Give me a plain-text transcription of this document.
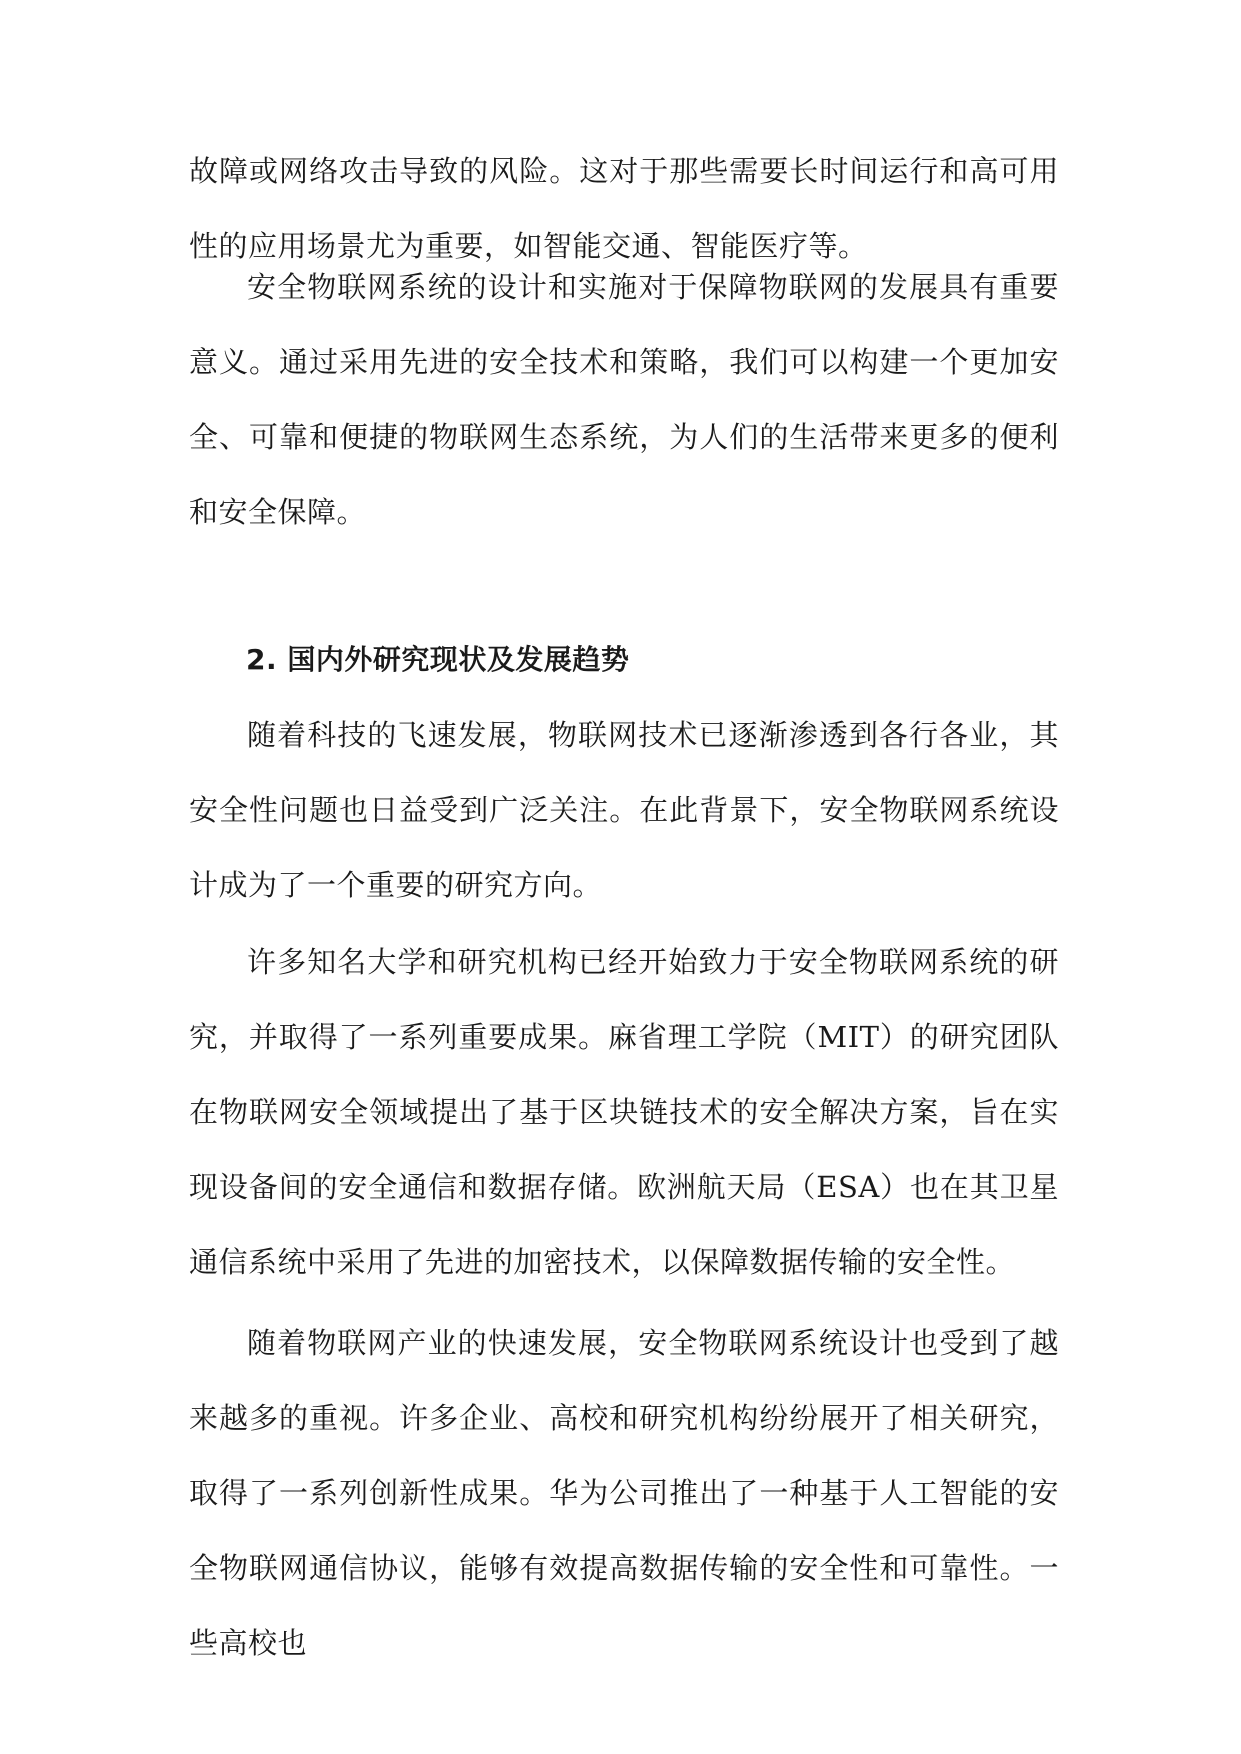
故障或网络攻击导致的风险。这对于那些需要长时间运行和高可用性的应用场景尤为重要，如智能交通、智能医疗等。

安全物联网系统的设计和实施对于保障物联网的发展具有重要意义。通过采用先进的安全技术和策略，我们可以构建一个更加安全、可靠和便捷的物联网生态系统，为人们的生活带来更多的便利和安全保障。

2. 国内外研究现状及发展趋势

随着科技的飞速发展，物联网技术已逐渐渗透到各行各业，其安全性问题也日益受到广泛关注。在此背景下，安全物联网系统设计成为了一个重要的研究方向。

许多知名大学和研究机构已经开始致力于安全物联网系统的研究，并取得了一系列重要成果。麻省理工学院（MIT）的研究团队在物联网安全领域提出了基于区块链技术的安全解决方案，旨在实现设备间的安全通信和数据存储。欧洲航天局（ESA）也在其卫星通信系统中采用了先进的加密技术，以保障数据传输的安全性。

随着物联网产业的快速发展，安全物联网系统设计也受到了越来越多的重视。许多企业、高校和研究机构纷纷展开了相关研究，取得了一系列创新性成果。华为公司推出了一种基于人工智能的安全物联网通信协议，能够有效提高数据传输的安全性和可靠性。一些高校也
